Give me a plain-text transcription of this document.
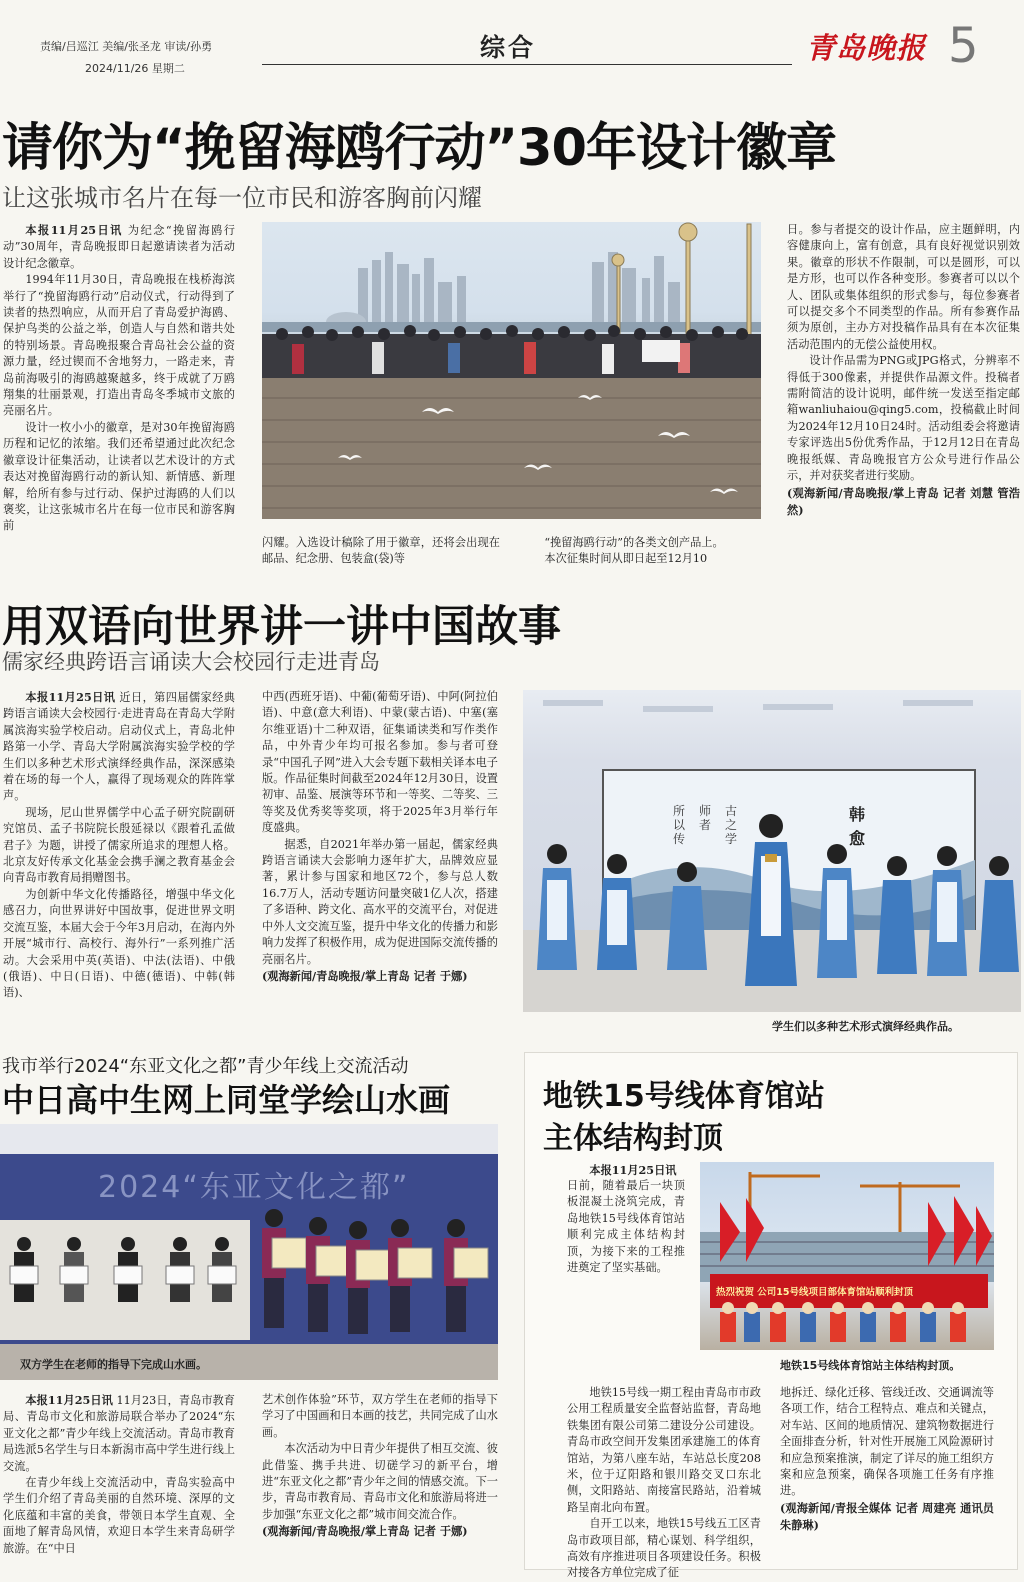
责编/吕巡江 美编/张圣龙 审读/孙勇
2024/11/26 星期二
综合	青岛晚报 5
请你为“挽留海鸥行动”30年设计徽章
让这张城市名片在每一位市民和游客胸前闪耀

本报11月25日讯 为纪念“挽留海鸥行动”30周年，青岛晚报即日起邀请读者为活动设计纪念徽章。

1994年11月30日，青岛晚报在栈桥海滨举行了“挽留海鸥行动”启动仪式，行动得到了读者的热烈响应，从而开启了青岛爱护海鸥、保护鸟类的公益之举，创造人与自然和谐共处的特别场景。青岛晚报聚合青岛社会公益的资源力量，经过锲而不舍地努力，一路走来，青岛前海吸引的海鸥越聚越多，终于成就了万鸥翔集的壮丽景观，打造出青岛冬季城市文旅的亮丽名片。

设计一枚小小的徽章，是对30年挽留海鸥历程和记忆的浓缩。我们还希望通过此次纪念徽章设计征集活动，让读者以艺术设计的方式表达对挽留海鸥行动的新认知、新情感、新理解，给所有参与过行动、保护过海鸥的人们以褒奖，让这张城市名片在每一位市民和游客胸前

闪耀。入选设计稿除了用于徽章，还将会出现在邮品、纪念册、包装盒(袋)等

“挽留海鸥行动”的各类文创产品上。

本次征集时间从即日起至12月10

日。参与者提交的设计作品，应主题鲜明，内容健康向上，富有创意，具有良好视觉识别效果。徽章的形状不作限制，可以是圆形，可以是方形，也可以作各种变形。参赛者可以以个人、团队或集体组织的形式参与，每位参赛者可以提交多个不同类型的作品。所有参赛作品须为原创，主办方对投稿作品具有在本次征集活动范围内的无偿公益使用权。

设计作品需为PNG或JPG格式，分辨率不得低于300像素，并提供作品源文件。投稿者需附简洁的设计说明，邮件统一发送至指定邮箱wanliuhaiou@qing5.com，投稿截止时间为2024年12月10日24时。活动组委会将邀请专家评选出5份优秀作品，于12月12日在青岛晚报纸媒、青岛晚报官方公众号进行作品公示，并对获奖者进行奖励。

(观海新闻/青岛晚报/掌上青岛 记者 刘慧 管浩然)

用双语向世界讲一讲中国故事
儒家经典跨语言诵读大会校园行走进青岛

本报11月25日讯 近日，第四届儒家经典跨语言诵读大会校园行·走进青岛在青岛大学附属滨海实验学校启动。启动仪式上，青岛北仲路第一小学、青岛大学附属滨海实验学校的学生们以多种艺术形式演绎经典作品，深深感染着在场的每一个人，赢得了现场观众的阵阵掌声。

现场，尼山世界儒学中心孟子研究院副研究馆员、孟子书院院长殷延禄以《跟着孔孟做君子》为题，讲授了儒家所追求的理想人格。北京友好传承文化基金会携手澜之教育基金会向青岛市教育局捐赠图书。

为创新中华文化传播路径，增强中华文化感召力，向世界讲好中国故事，促进世界文明交流互鉴，本届大会于今年3月启动，在海内外开展“城市行、高校行、海外行”一系列推广活动。大会采用中英(英语)、中法(法语)、中俄(俄语)、中日(日语)、中德(德语)、中韩(韩语)、

中西(西班牙语)、中葡(葡萄牙语)、中阿(阿拉伯语)、中意(意大利语)、中蒙(蒙古语)、中塞(塞尔维亚语)十二种双语，征集诵读类和写作类作品，中外青少年均可报名参加。参与者可登录“中国孔子网”进入大会专题下载相关译本电子版。作品征集时间截至2024年12月30日，设置初审、品鉴、展演等环节和一等奖、二等奖、三等奖及优秀奖等奖项，将于2025年3月举行年度盛典。

据悉，自2021年举办第一届起，儒家经典跨语言诵读大会影响力逐年扩大，品牌效应显著，累计参与国家和地区72个，参与总人数16.7万人，活动专题访问量突破1亿人次，搭建了多语种、跨文化、高水平的交流平台，对促进中外人文交流互鉴，提升中华文化的传播力和影响力发挥了积极作用，成为促进国际交流传播的亮丽名片。

(观海新闻/青岛晚报/掌上青岛 记者 于娜)

韩
愈
古之学
师者
所以传
学生们以多种艺术形式演绎经典作品。
我市举行2024“东亚文化之都”青少年线上交流活动
中日高中生网上同堂学绘山水画
2024“东亚文化之都”
双方学生在老师的指导下完成山水画。

本报11月25日讯 11月23日，青岛市教育局、青岛市文化和旅游局联合举办了2024“东亚文化之都”青少年线上交流活动。青岛市教育局选派5名学生与日本新潟市高中学生进行线上交流。

在青少年线上交流活动中，青岛实验高中学生们介绍了青岛美丽的自然环境、深厚的文化底蕴和丰富的美食，带领日本学生直观、全面地了解青岛风情，欢迎日本学生来青岛研学旅游。在“中日

艺术创作体验”环节，双方学生在老师的指导下学习了中国画和日本画的技艺，共同完成了山水画。

本次活动为中日青少年提供了相互交流、彼此借鉴、携手共进、切磋学习的新平台，增进“东亚文化之都”青少年之间的情感交流。下一步，青岛市教育局、青岛市文化和旅游局将进一步加强“东亚文化之都”城市间交流合作。

(观海新闻/青岛晚报/掌上青岛 记者 于娜)

地铁15号线体育馆站
主体结构封顶

本报11月25日讯

热烈祝贺 公司15号线项目部体育馆站顺利封顶
地铁15号线体育馆站主体结构封顶。

日前，随着最后一块顶板混凝土浇筑完成，青岛地铁15号线体育馆站顺利完成主体结构封顶，为接下来的工程推进奠定了坚实基础。

地铁15号线一期工程由青岛市市政公用工程质量安全监督站监督，青岛地铁集团有限公司第二建设分公司建设。青岛市政空间开发集团承建施工的体育馆站，为第八座车站，车站总长度208米，位于辽阳路和银川路交叉口东北侧，文阳路站、南接富民路站，沿着城路呈南北向布置。

自开工以来，地铁15号线五工区青岛市政项目部，精心谋划、科学组织，高效有序推进项目各项建设任务。积极对接各方单位完成了征

地拆迁、绿化迁移、管线迁改、交通调流等各项工作，结合工程特点、难点和关键点，对车站、区间的地质情况、建筑物数据进行全面排查分析，针对性开展施工风险源研讨和应急预案推演，制定了详尽的施工组织方案和应急预案，确保各项施工任务有序推进。

(观海新闻/青报全媒体 记者 周建亮 通讯员 朱静琳)
